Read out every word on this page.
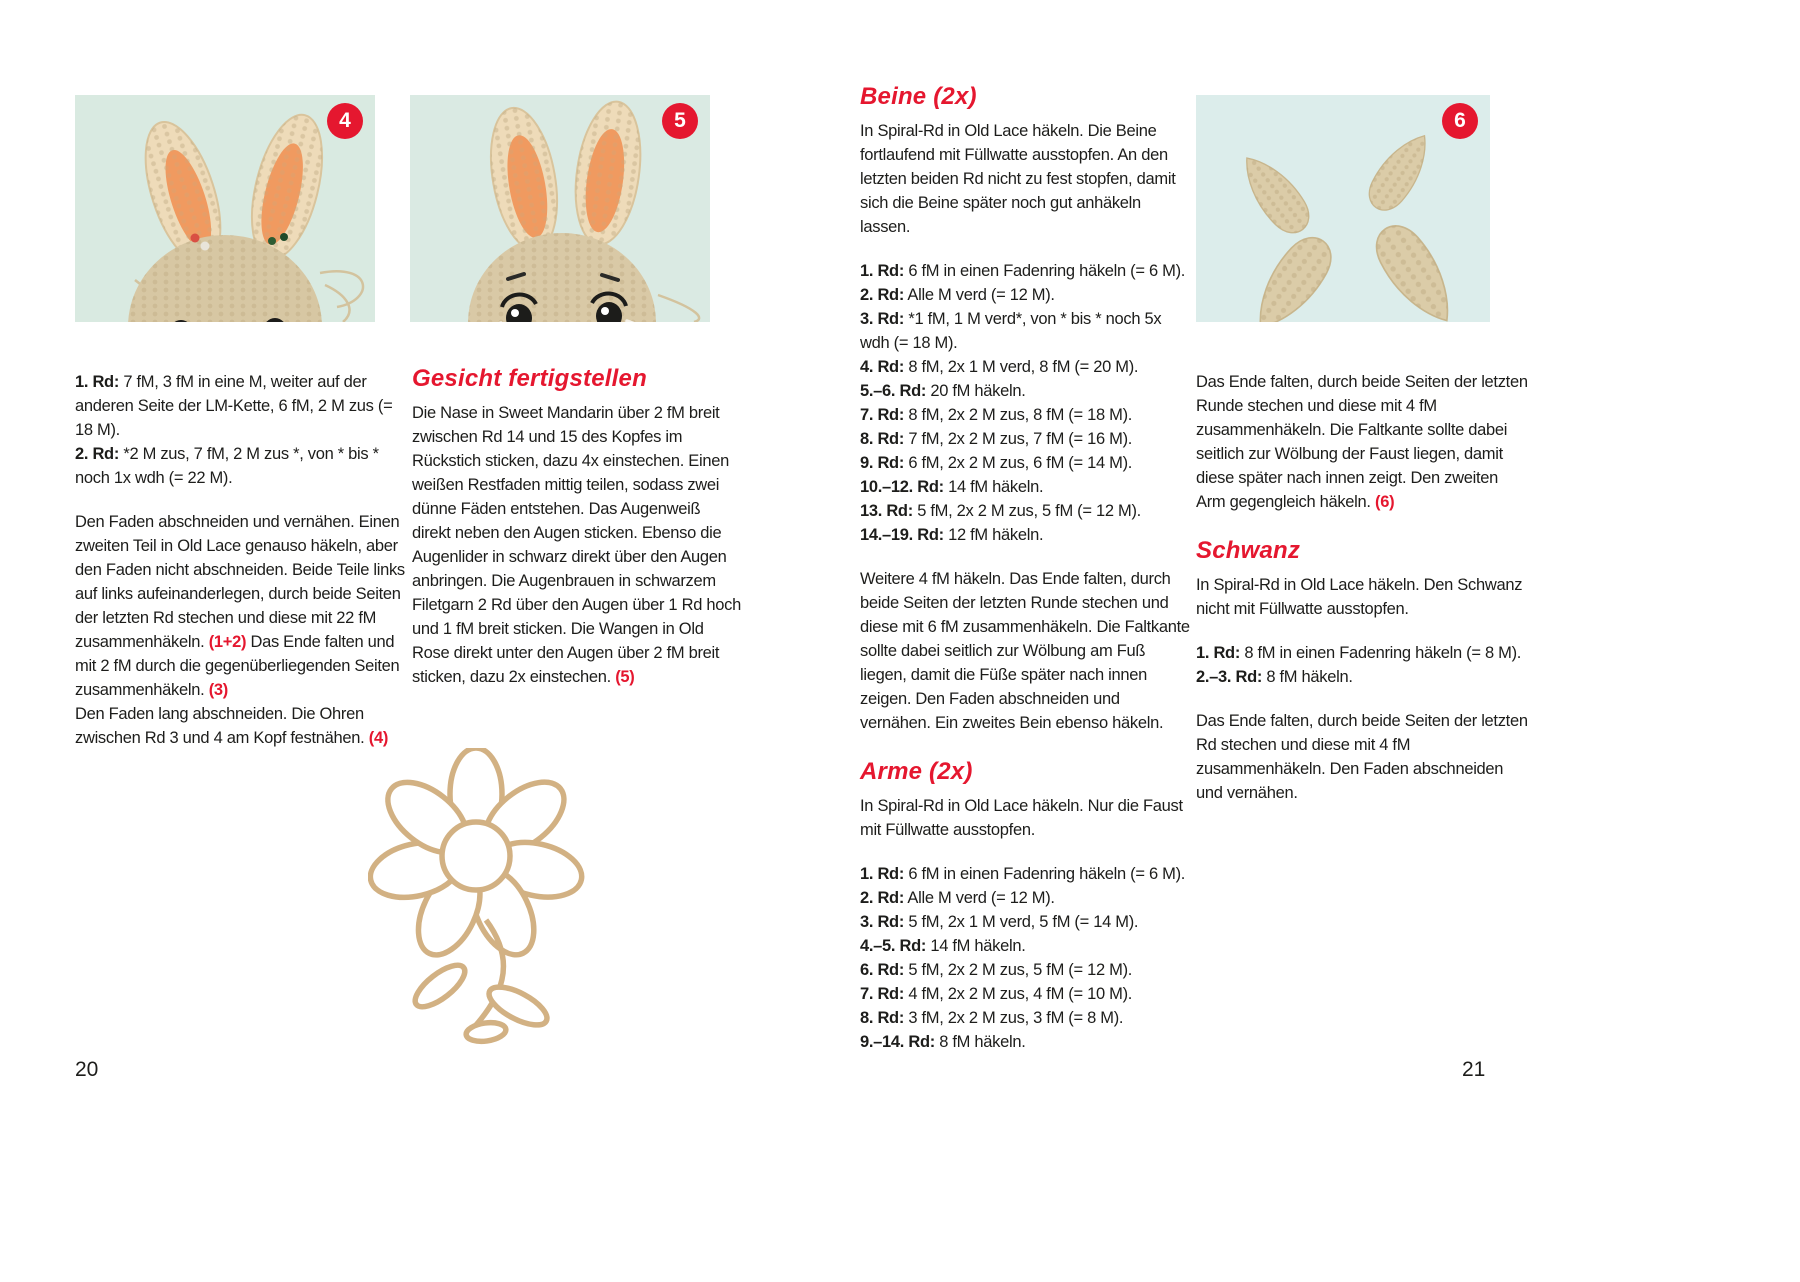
4	5	6
1. Rd: 7 fM, 3 fM in eine M, weiter auf der anderen Seite der LM-Kette, 6 fM, 2 M zus (= 18 M).
2. Rd: *2 M zus, 7 fM, 2 M zus *, von * bis * noch 1x wdh (= 22 M).
Den Faden abschneiden und vernähen. Einen zweiten Teil in Old Lace genauso häkeln, aber den Faden nicht abschneiden. Beide Teile links auf links aufeinanderlegen, durch beide Seiten der letzten Rd stechen und diese mit 22 fM zusammenhäkeln. (1+2) Das Ende falten und mit 2 fM durch die gegenüberliegenden Seiten zusammenhäkeln. (3)
Den Faden lang abschneiden. Die Ohren zwischen Rd 3 und 4 am Kopf festnähen. (4)
Gesicht fertigstellen
Die Nase in Sweet Mandarin über 2 fM breit zwischen Rd 14 und 15 des Kopfes im Rückstich sticken, dazu 4x einstechen. Einen weißen Restfaden mittig teilen, sodass zwei dünne Fäden entstehen. Das Augenweiß direkt neben den Augen sticken. Ebenso die Augenlider in schwarz direkt über den Augen anbringen. Die Augenbrauen in schwarzem Filetgarn 2 Rd über den Augen über 1 Rd hoch und 1 fM breit sticken. Die Wangen in Old Rose direkt unter den Augen über 2 fM breit sticken, dazu 2x einstechen. (5)
Beine (2x)
In Spiral-Rd in Old Lace häkeln. Die Beine fortlaufend mit Füllwatte ausstopfen. An den letzten beiden Rd nicht zu fest stopfen, damit sich die Beine später noch gut anhäkeln lassen.
1. Rd: 6 fM in einen Fadenring häkeln (= 6 M).
2. Rd: Alle M verd (= 12 M).
3. Rd: *1 fM, 1 M verd*, von * bis * noch 5x wdh (= 18 M).
4. Rd: 8 fM, 2x 1 M verd, 8 fM (= 20 M).
5.–6. Rd: 20 fM häkeln.
7. Rd: 8 fM, 2x 2 M zus, 8 fM (= 18 M).
8. Rd: 7 fM, 2x 2 M zus, 7 fM (= 16 M).
9. Rd: 6 fM, 2x 2 M zus, 6 fM (= 14 M).
10.–12. Rd: 14 fM häkeln.
13. Rd: 5 fM, 2x 2 M zus, 5 fM (= 12 M).
14.–19. Rd: 12 fM häkeln.
Weitere 4 fM häkeln. Das Ende falten, durch beide Seiten der letzten Runde stechen und diese mit 6 fM zusammenhäkeln. Die Faltkante sollte dabei seitlich zur Wölbung am Fuß liegen, damit die Füße später nach innen zeigen. Den Faden abschneiden und vernähen. Ein zweites Bein ebenso häkeln.
Arme (2x)
In Spiral-Rd in Old Lace häkeln. Nur die Faust mit Füllwatte ausstopfen.
1. Rd: 6 fM in einen Fadenring häkeln (= 6 M).
2. Rd: Alle M verd (= 12 M).
3. Rd: 5 fM, 2x 1 M verd, 5 fM (= 14 M).
4.–5. Rd: 14 fM häkeln.
6. Rd: 5 fM, 2x 2 M zus, 5 fM (= 12 M).
7. Rd: 4 fM, 2x 2 M zus, 4 fM (= 10 M).
8. Rd: 3 fM, 2x 2 M zus, 3 fM (= 8 M).
9.–14. Rd: 8 fM häkeln.
Das Ende falten, durch beide Seiten der letzten Runde stechen und diese mit 4 fM zusammenhäkeln. Die Faltkante sollte dabei seitlich zur Wölbung der Faust liegen, damit diese später nach innen zeigt. Den zweiten Arm gegengleich häkeln. (6)
Schwanz
In Spiral-Rd in Old Lace häkeln. Den Schwanz nicht mit Füllwatte ausstopfen.
1. Rd: 8 fM in einen Fadenring häkeln (= 8 M).
2.–3. Rd: 8 fM häkeln.
Das Ende falten, durch beide Seiten der letzten Rd stechen und diese mit 4 fM zusammenhäkeln. Den Faden abschneiden und vernähen.
20	21
